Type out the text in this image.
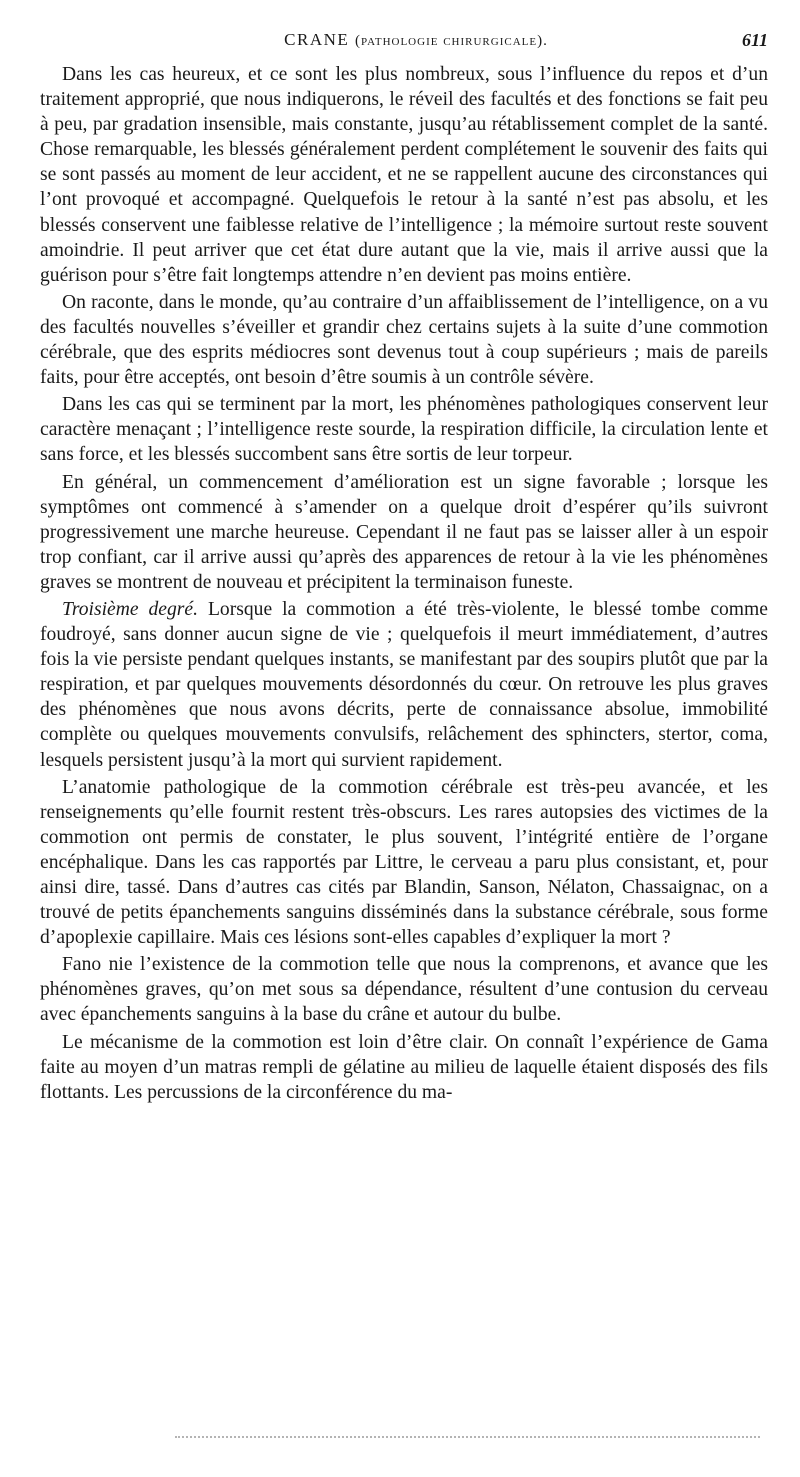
CRANE (pathologie chirurgicale).	611

Dans les cas heureux, et ce sont les plus nombreux, sous l’influence du repos et d’un traitement approprié, que nous indiquerons, le réveil des facultés et des fonctions se fait peu à peu, par gradation insensible, mais constante, jusqu’au rétablissement complet de la santé. Chose remarquable, les blessés généralement perdent complétement le souvenir des faits qui se sont passés au moment de leur accident, et ne se rappellent aucune des circonstances qui l’ont provoqué et accompagné. Quelquefois le retour à la santé n’est pas absolu, et les blessés conservent une faiblesse relative de l’intelligence ; la mémoire surtout reste souvent amoindrie. Il peut arriver que cet état dure autant que la vie, mais il arrive aussi que la guérison pour s’être fait longtemps attendre n’en devient pas moins entière.

On raconte, dans le monde, qu’au contraire d’un affaiblissement de l’intelligence, on a vu des facultés nouvelles s’éveiller et grandir chez certains sujets à la suite d’une commotion cérébrale, que des esprits médiocres sont devenus tout à coup supérieurs ; mais de pareils faits, pour être acceptés, ont besoin d’être soumis à un contrôle sévère.

Dans les cas qui se terminent par la mort, les phénomènes pathologiques conservent leur caractère menaçant ; l’intelligence reste sourde, la respiration difficile, la circulation lente et sans force, et les blessés succombent sans être sortis de leur torpeur.

En général, un commencement d’amélioration est un signe favorable ; lorsque les symptômes ont commencé à s’amender on a quelque droit d’espérer qu’ils suivront progressivement une marche heureuse. Cependant il ne faut pas se laisser aller à un espoir trop confiant, car il arrive aussi qu’après des apparences de retour à la vie les phénomènes graves se montrent de nouveau et précipitent la terminaison funeste.

Troisième degré. Lorsque la commotion a été très-violente, le blessé tombe comme foudroyé, sans donner aucun signe de vie ; quelquefois il meurt immédiatement, d’autres fois la vie persiste pendant quelques instants, se manifestant par des soupirs plutôt que par la respiration, et par quelques mouvements désordonnés du cœur. On retrouve les plus graves des phénomènes que nous avons décrits, perte de connaissance absolue, immobilité complète ou quelques mouvements convulsifs, relâchement des sphincters, stertor, coma, lesquels persistent jusqu’à la mort qui survient rapidement.

L’anatomie pathologique de la commotion cérébrale est très-peu avancée, et les renseignements qu’elle fournit restent très-obscurs. Les rares autopsies des victimes de la commotion ont permis de constater, le plus souvent, l’intégrité entière de l’organe encéphalique. Dans les cas rapportés par Littre, le cerveau a paru plus consistant, et, pour ainsi dire, tassé. Dans d’autres cas cités par Blandin, Sanson, Nélaton, Chassaignac, on a trouvé de petits épanchements sanguins disséminés dans la substance cérébrale, sous forme d’apoplexie capillaire. Mais ces lésions sont-elles capables d’expliquer la mort ?

Fano nie l’existence de la commotion telle que nous la comprenons, et avance que les phénomènes graves, qu’on met sous sa dépendance, résultent d’une contusion du cerveau avec épanchements sanguins à la base du crâne et autour du bulbe.

Le mécanisme de la commotion est loin d’être clair. On connaît l’expérience de Gama faite au moyen d’un matras rempli de gélatine au milieu de laquelle étaient disposés des fils flottants. Les percussions de la circonférence du ma-
